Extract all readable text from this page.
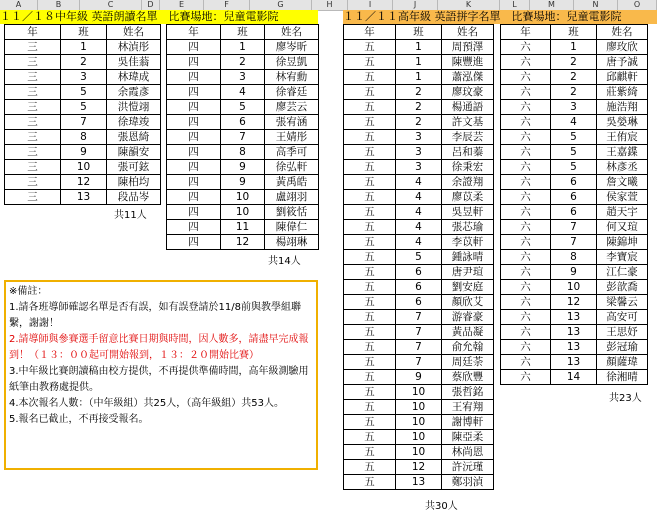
A	B	C	D	E	F	G	H	I	J	K	L	M	N	O
１１／１８中年級 英語朗讀名單　比賽場地：兒童電影院	１１／１１高年級 英語拼字名單　比賽場地：兒童電影院
年	班	姓名
三	1	林湞彤
三	2	吳佳蓊
三	3	林瑋成
三	5	余霞彥
三	5	洪愷翊
三	7	徐瑋竣
三	8	張恩綺
三	9	陳韻安
三	10	張可鉉
三	12	陳柏均
三	13	段品岑
年	班	姓名
四	1	廖岑昕
四	2	徐昱凱
四	3	林宥勳
四	4	徐睿廷
四	5	廖芸云
四	6	張宥涵
四	7	王婧彤
四	8	高季可
四	9	徐弘軒
四	9	黃禹皓
四	10	盧翊羽
四	10	劉筱恬
四	11	陳偉仁
四	12	楊翊琳
年	班	姓名
五	1	周預澤
五	1	陳豐進
五	1	蕭泓傑
五	2	廖玟豪
五	2	楊通語
五	2	許文基
五	3	李辰芸
五	3	呂和蓁
五	3	徐秉宏
五	4	余證翔
五	4	廖苡柔
五	4	吳昱軒
五	4	張芯瑜
五	4	李苡軒
五	5	鍾詠晴
五	6	唐尹瑄
五	6	劉安庭
五	6	顏欣艾
五	7	游睿豪
五	7	黃品凝
五	7	俞允翰
五	7	周廷荼
五	9	蔡欣豐
五	10	張哲銘
五	10	王宥翔
五	10	謝博軒
五	10	陳亞柔
五	10	林尚恩
五	12	許沅瑾
五	13	鄭羽湞
年	班	姓名
六	1	廖玫欣
六	2	唐予誠
六	2	邱麒軒
六	2	莊紫綺
六	3	施浩翔
六	4	吳嫈琳
六	5	王侑宸
六	5	王嘉鍱
六	5	林彥丞
六	6	詹文曦
六	6	侯家萱
六	6	趙天宇
六	7	何又瑄
六	7	陳錦坤
六	8	李寶宸
六	9	江仁豪
六	10	彭歆喬
六	12	梁馨云
六	13	高安可
六	13	王思妤
六	13	彭冠瑜
六	13	顏薩瑋
六	14	徐湘晴
共11人
共14人
共30人
共23人

※備註：

1.請各班導師確認名單是否有誤，如有誤登請於11/8前與教學組聯繫，謝謝！

2.請導師與參賽選手留意比賽日期與時間，因人數多，請盡早完成報到！（１３：００起可開始報到，１３：２０開始比賽）

3.中年級比賽朗讀稿由校方提供，不再提供準備時間，高年級測驗用紙筆由教務處提供。

4.本次報名人數：（中年級組）共25人，（高年級組）共53人。

5.報名已截止，不再接受報名。
